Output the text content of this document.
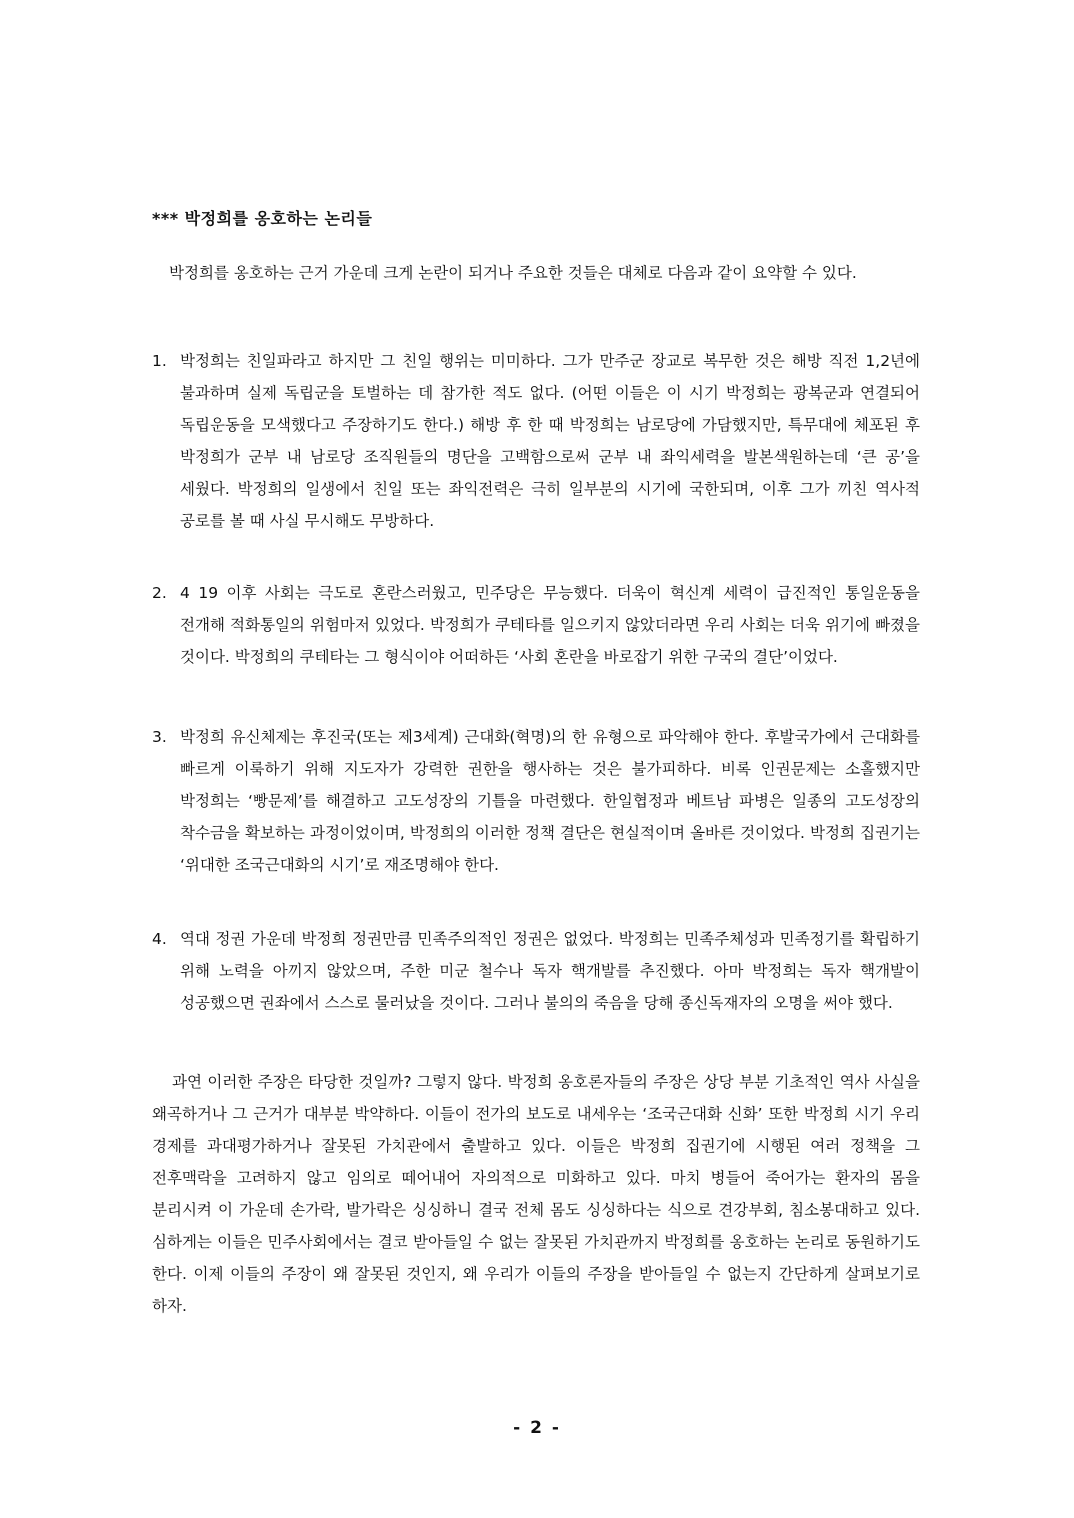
*** 박정희를 옹호하는 논리들
박정희를 옹호하는 근거 가운데 크게 논란이 되거나 주요한 것들은 대체로 다음과 같이 요약할 수 있다.
1. 박정희는 친일파라고 하지만 그 친일 행위는 미미하다. 그가 만주군 장교로 복무한 것은 해방 직전 1,2년에 불과하며 실제 독립군을 토벌하는 데 참가한 적도 없다. (어떤 이들은 이 시기 박정희는 광복군과 연결되어 독립운동을 모색했다고 주장하기도 한다.) 해방 후 한 때 박정희는 남로당에 가담했지만, 특무대에 체포된 후 박정희가 군부 내 남로당 조직원들의 명단을 고백함으로써 군부 내 좌익세력을 발본색원하는데 ‘큰 공’을 세웠다. 박정희의 일생에서 친일 또는 좌익전력은 극히 일부분의 시기에 국한되며, 이후 그가 끼친 역사적 공로를 볼 때 사실 무시해도 무방하다.
2. 4 19 이후 사회는 극도로 혼란스러웠고, 민주당은 무능했다. 더욱이 혁신계 세력이 급진적인 통일운동을 전개해 적화통일의 위험마저 있었다. 박정희가 쿠테타를 일으키지 않았더라면 우리 사회는 더욱 위기에 빠졌을 것이다. 박정희의 쿠테타는 그 형식이야 어떠하든 ‘사회 혼란을 바로잡기 위한 구국의 결단’이었다.
3. 박정희 유신체제는 후진국(또는 제3세계) 근대화(혁명)의 한 유형으로 파악해야 한다. 후발국가에서 근대화를 빠르게 이룩하기 위해 지도자가 강력한 권한을 행사하는 것은 불가피하다. 비록 인권문제는 소홀했지만 박정희는 ‘빵문제’를 해결하고 고도성장의 기틀을 마련했다. 한일협정과 베트남 파병은 일종의 고도성장의 착수금을 확보하는 과정이었이며, 박정희의 이러한 정책 결단은 현실적이며 올바른 것이었다. 박정희 집권기는 ‘위대한 조국근대화의 시기’로 재조명해야 한다.
4. 역대 정권 가운데 박정희 정권만큼 민족주의적인 정권은 없었다. 박정희는 민족주체성과 민족정기를 확립하기 위해 노력을 아끼지 않았으며, 주한 미군 철수나 독자 핵개발를 추진했다. 아마 박정희는 독자 핵개발이 성공했으면 권좌에서 스스로 물러났을 것이다. 그러나 불의의 죽음을 당해 종신독재자의 오명을 써야 했다.
과연 이러한 주장은 타당한 것일까? 그렇지 않다. 박정희 옹호론자들의 주장은 상당 부분 기초적인 역사 사실을 왜곡하거나 그 근거가 대부분 박약하다. 이들이 전가의 보도로 내세우는 ‘조국근대화 신화’ 또한 박정희 시기 우리 경제를 과대평가하거나 잘못된 가치관에서 출발하고 있다. 이들은 박정희 집권기에 시행된 여러 정책을 그 전후맥락을 고려하지 않고 임의로 떼어내어 자의적으로 미화하고 있다. 마치 병들어 죽어가는 환자의 몸을 분리시켜 이 가운데 손가락, 발가락은 싱싱하니 결국 전체 몸도 싱싱하다는 식으로 견강부회, 침소봉대하고 있다. 심하게는 이들은 민주사회에서는 결코 받아들일 수 없는 잘못된 가치관까지 박정희를 옹호하는 논리로 동원하기도 한다. 이제 이들의 주장이 왜 잘못된 것인지, 왜 우리가 이들의 주장을 받아들일 수 없는지 간단하게 살펴보기로 하자.
- 2 -
